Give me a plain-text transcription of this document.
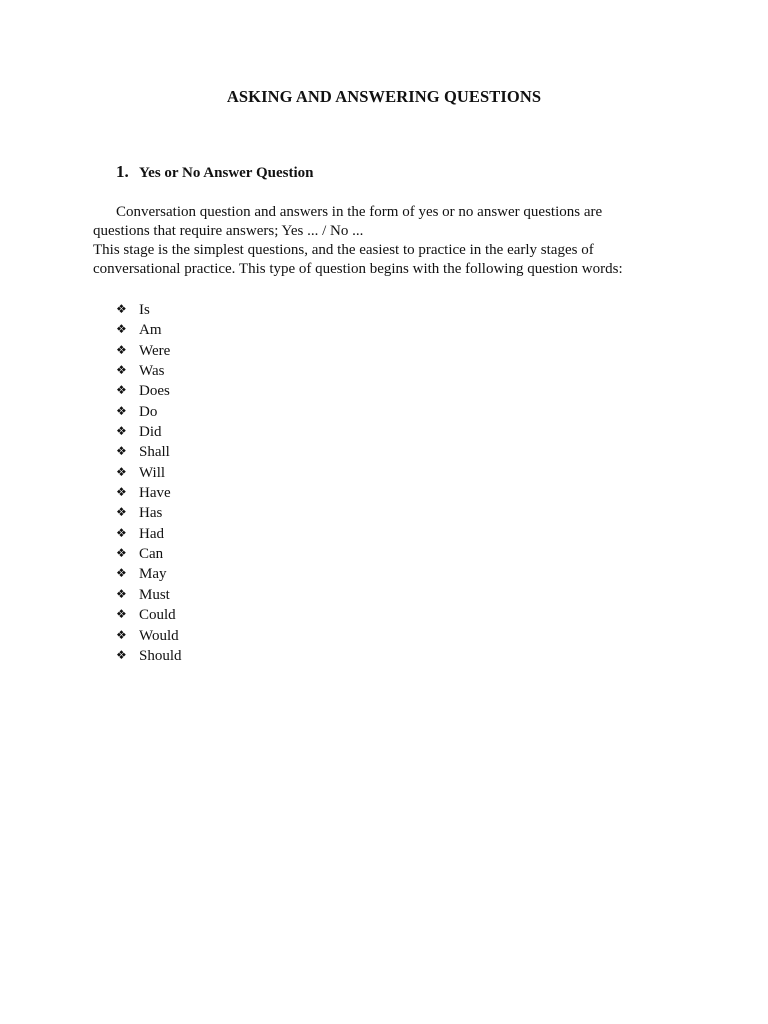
ASKING AND ANSWERING QUESTIONS
1. Yes or No Answer Question
Conversation question and answers in the form of yes or no answer questions are
questions that require answers; Yes ... / No ...
This stage is the simplest questions, and the easiest to practice in the early stages of
conversational practice. This type of question begins with the following question words:
❖ Is
❖ Am
❖ Were
❖ Was
❖ Does
❖ Do
❖ Did
❖ Shall
❖ Will
❖ Have
❖ Has
❖ Had
❖ Can
❖ May
❖ Must
❖ Could
❖ Would
❖ Should
